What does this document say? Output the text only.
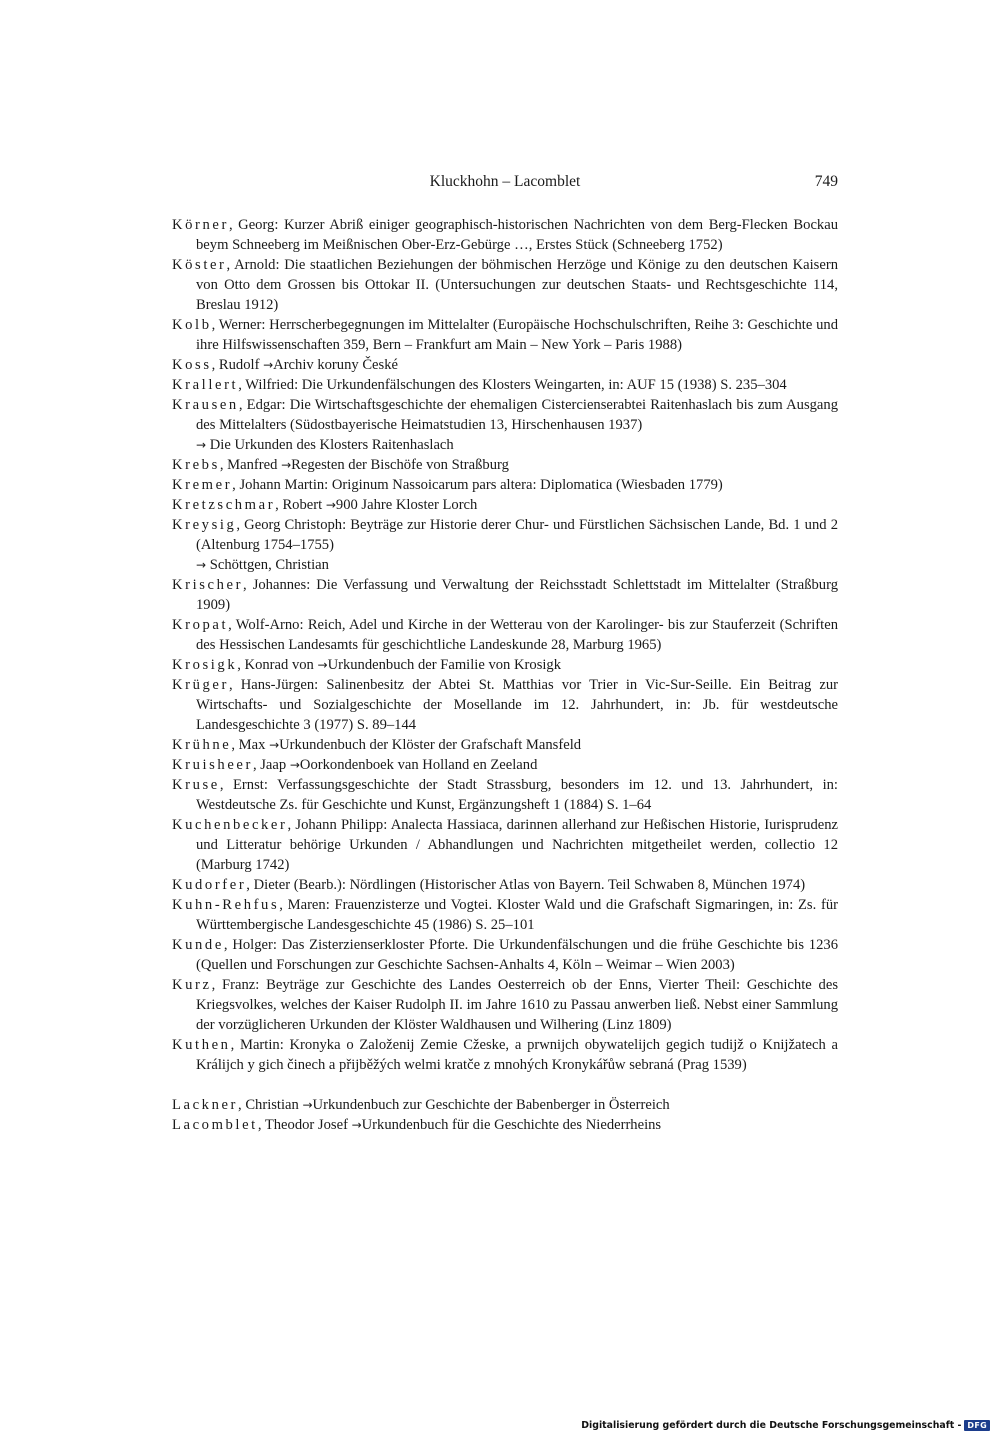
Kluckhohn – Lacomblet	749
Körner, Georg: Kurzer Abriß einiger geographisch-historischen Nachrichten von dem Berg-Flecken Bockau beym Schneeberg im Meißnischen Ober-Erz-Gebürge …, Erstes Stück (Schneeberg 1752)
Köster, Arnold: Die staatlichen Beziehungen der böhmischen Herzöge und Könige zu den deutschen Kaisern von Otto dem Grossen bis Ottokar II. (Untersuchungen zur deutschen Staats- und Rechtsgeschichte 114, Breslau 1912)
Kolb, Werner: Herrscherbegegnungen im Mittelalter (Europäische Hochschulschriften, Reihe 3: Geschichte und ihre Hilfswissenschaften 359, Bern – Frankfurt am Main – New York – Paris 1988)
Koss, Rudolf →Archiv koruny České
Krallert, Wilfried: Die Urkundenfälschungen des Klosters Weingarten, in: AUF 15 (1938) S. 235–304
Krausen, Edgar: Die Wirtschaftsgeschichte der ehemaligen Cistercienserabtei Raitenhaslach bis zum Ausgang des Mittelalters (Südostbayerische Heimatstudien 13, Hirschenhausen 1937)
→ Die Urkunden des Klosters Raitenhaslach
Krebs, Manfred →Regesten der Bischöfe von Straßburg
Kremer, Johann Martin: Originum Nassoicarum pars altera: Diplomatica (Wiesbaden 1779)
Kretzschmar, Robert →900 Jahre Kloster Lorch
Kreysig, Georg Christoph: Beyträge zur Historie derer Chur- und Fürstlichen Sächsischen Lande, Bd. 1 und 2 (Altenburg 1754–1755)
→ Schöttgen, Christian
Krischer, Johannes: Die Verfassung und Verwaltung der Reichsstadt Schlettstadt im Mittelalter (Straßburg 1909)
Kropat, Wolf-Arno: Reich, Adel und Kirche in der Wetterau von der Karolinger- bis zur Stauferzeit (Schriften des Hessischen Landesamts für geschichtliche Landeskunde 28, Marburg 1965)
Krosigk, Konrad von →Urkundenbuch der Familie von Krosigk
Krüger, Hans-Jürgen: Salinenbesitz der Abtei St. Matthias vor Trier in Vic-Sur-Seille. Ein Beitrag zur Wirtschafts- und Sozialgeschichte der Mosellande im 12. Jahrhundert, in: Jb. für westdeutsche Landesgeschichte 3 (1977) S. 89–144
Krühne, Max →Urkundenbuch der Klöster der Grafschaft Mansfeld
Kruisheer, Jaap →Oorkondenboek van Holland en Zeeland
Kruse, Ernst: Verfassungsgeschichte der Stadt Strassburg, besonders im 12. und 13. Jahrhundert, in: Westdeutsche Zs. für Geschichte und Kunst, Ergänzungsheft 1 (1884) S. 1–64
Kuchenbecker, Johann Philipp: Analecta Hassiaca, darinnen allerhand zur Heßischen Historie, Iurisprudenz und Litteratur behörige Urkunden / Abhandlungen und Nachrichten mitgetheilet werden, collectio 12 (Marburg 1742)
Kudorfer, Dieter (Bearb.): Nördlingen (Historischer Atlas von Bayern. Teil Schwaben 8, München 1974)
Kuhn-Rehfus, Maren: Frauenzisterze und Vogtei. Kloster Wald und die Grafschaft Sigmaringen, in: Zs. für Württembergische Landesgeschichte 45 (1986) S. 25–101
Kunde, Holger: Das Zisterzienserkloster Pforte. Die Urkundenfälschungen und die frühe Geschichte bis 1236 (Quellen und Forschungen zur Geschichte Sachsen-Anhalts 4, Köln – Weimar – Wien 2003)
Kurz, Franz: Beyträge zur Geschichte des Landes Oesterreich ob der Enns, Vierter Theil: Geschichte des Kriegsvolkes, welches der Kaiser Rudolph II. im Jahre 1610 zu Passau anwerben ließ. Nebst einer Sammlung der vorzüglicheren Urkunden der Klöster Waldhausen und Wilhering (Linz 1809)
Kuthen, Martin: Kronyka o Založenij Zemie Cžeske, a prwnijch obywatelijch gegich tudijž o Knijžatech a Králijch y gich činech a přijběžých welmi kratče z mnohých Kronykářůw sebraná (Prag 1539)
Lackner, Christian →Urkundenbuch zur Geschichte der Babenberger in Österreich
Lacomblet, Theodor Josef →Urkundenbuch für die Geschichte des Niederrheins
Digitalisierung gefördert durch die Deutsche Forschungsgemeinschaft - DFG
